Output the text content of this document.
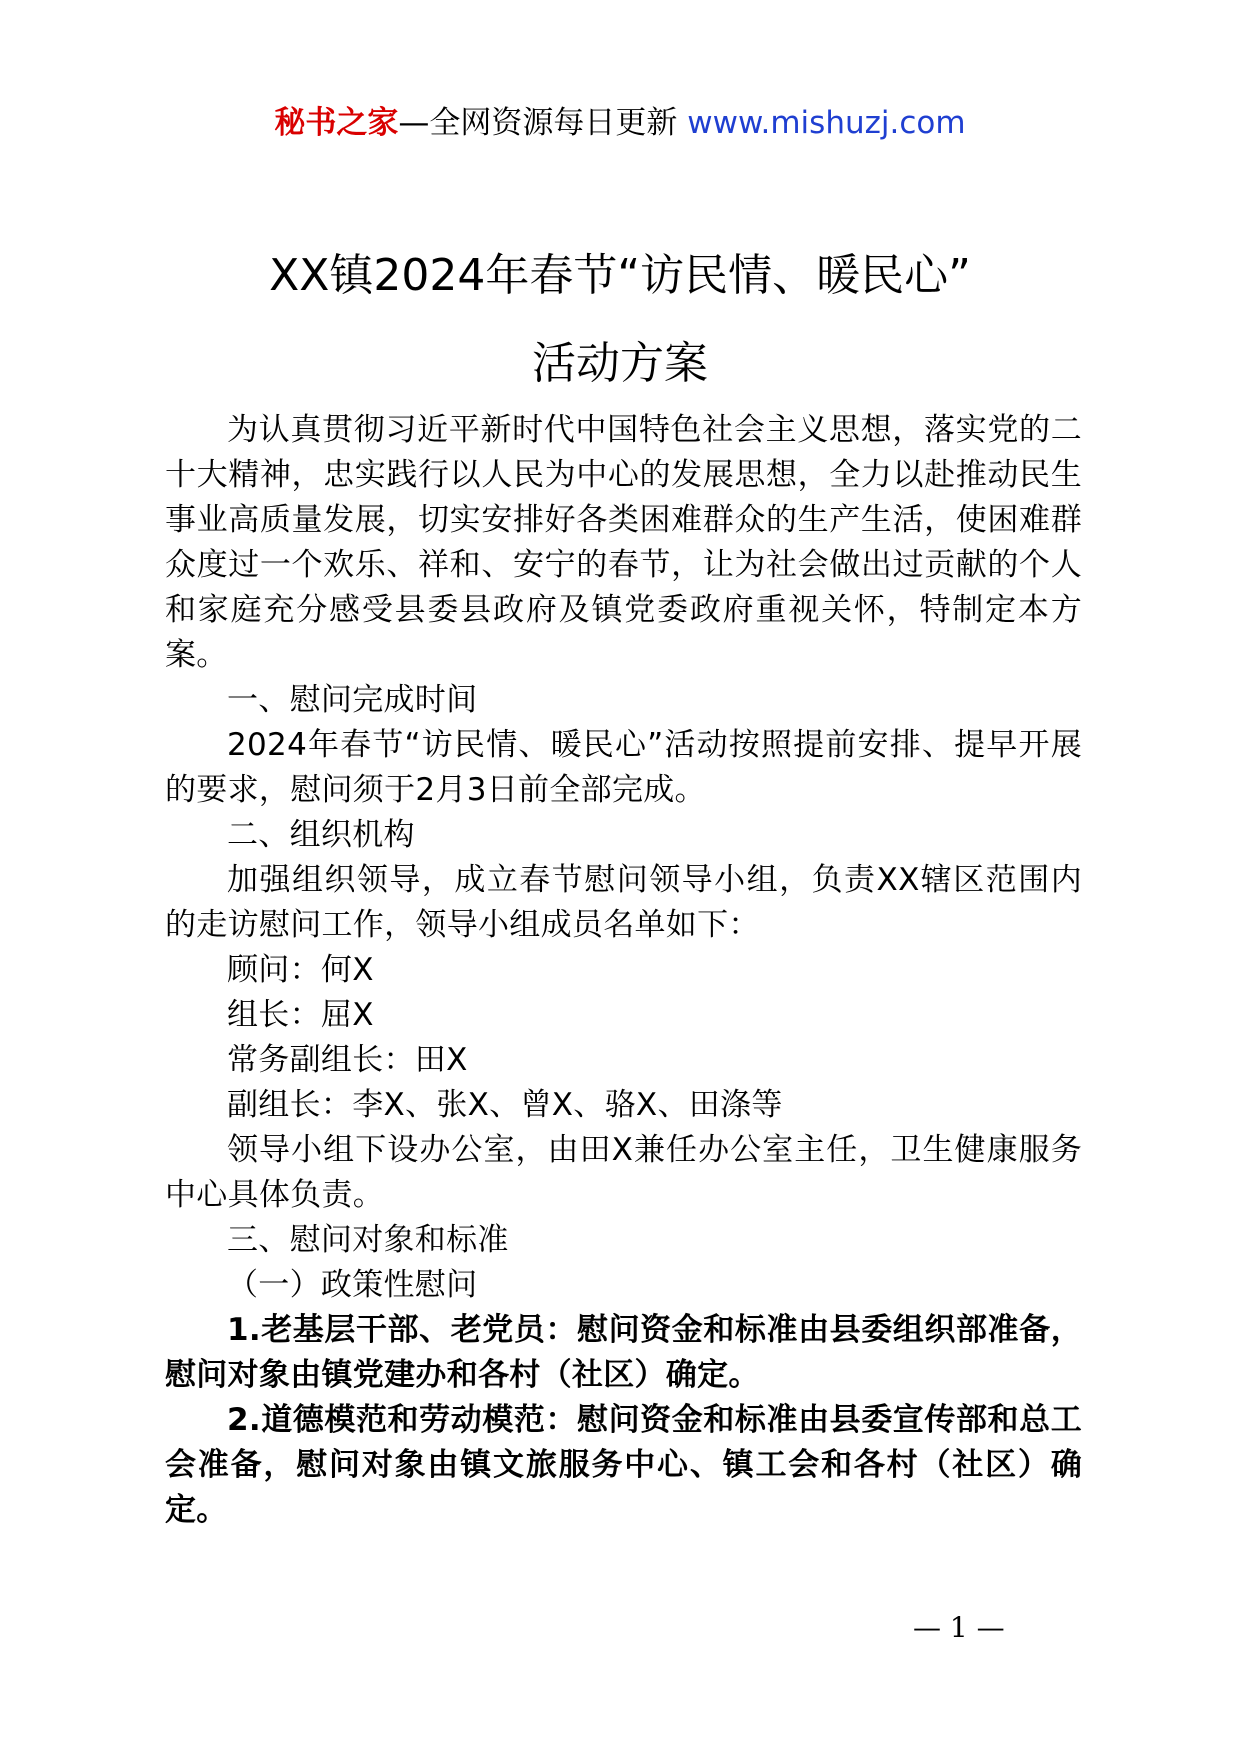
秘书之家—全网资源每日更新 www.mishuzj.com
XX镇2024年春节“访民情、暖民心”
活动方案

为认真贯彻习近平新时代中国特色社会主义思想，落实党的二十大精神，忠实践行以人民为中心的发展思想，全力以赴推动民生事业高质量发展，切实安排好各类困难群众的生产生活，使困难群众度过一个欢乐、祥和、安宁的春节，让为社会做出过贡献的个人和家庭充分感受县委县政府及镇党委政府重视关怀，特制定本方案。

一、慰问完成时间

2024年春节“访民情、暖民心”活动按照提前安排、提早开展的要求，慰问须于2月3日前全部完成。

二、组织机构

加强组织领导，成立春节慰问领导小组，负责XX辖区范围内的走访慰问工作，领导小组成员名单如下：

顾问：何X

组长：屈X

常务副组长：田X

副组长：李X、张X、曾X、骆X、田涤等

领导小组下设办公室，由田X兼任办公室主任，卫生健康服务中心具体负责。

三、慰问对象和标准

（一）政策性慰问

1.老基层干部、老党员：慰问资金和标准由县委组织部准备，慰问对象由镇党建办和各村（社区）确定。

2.道德模范和劳动模范：慰问资金和标准由县委宣传部和总工会准备，慰问对象由镇文旅服务中心、镇工会和各村（社区）确定。

— 1 —
